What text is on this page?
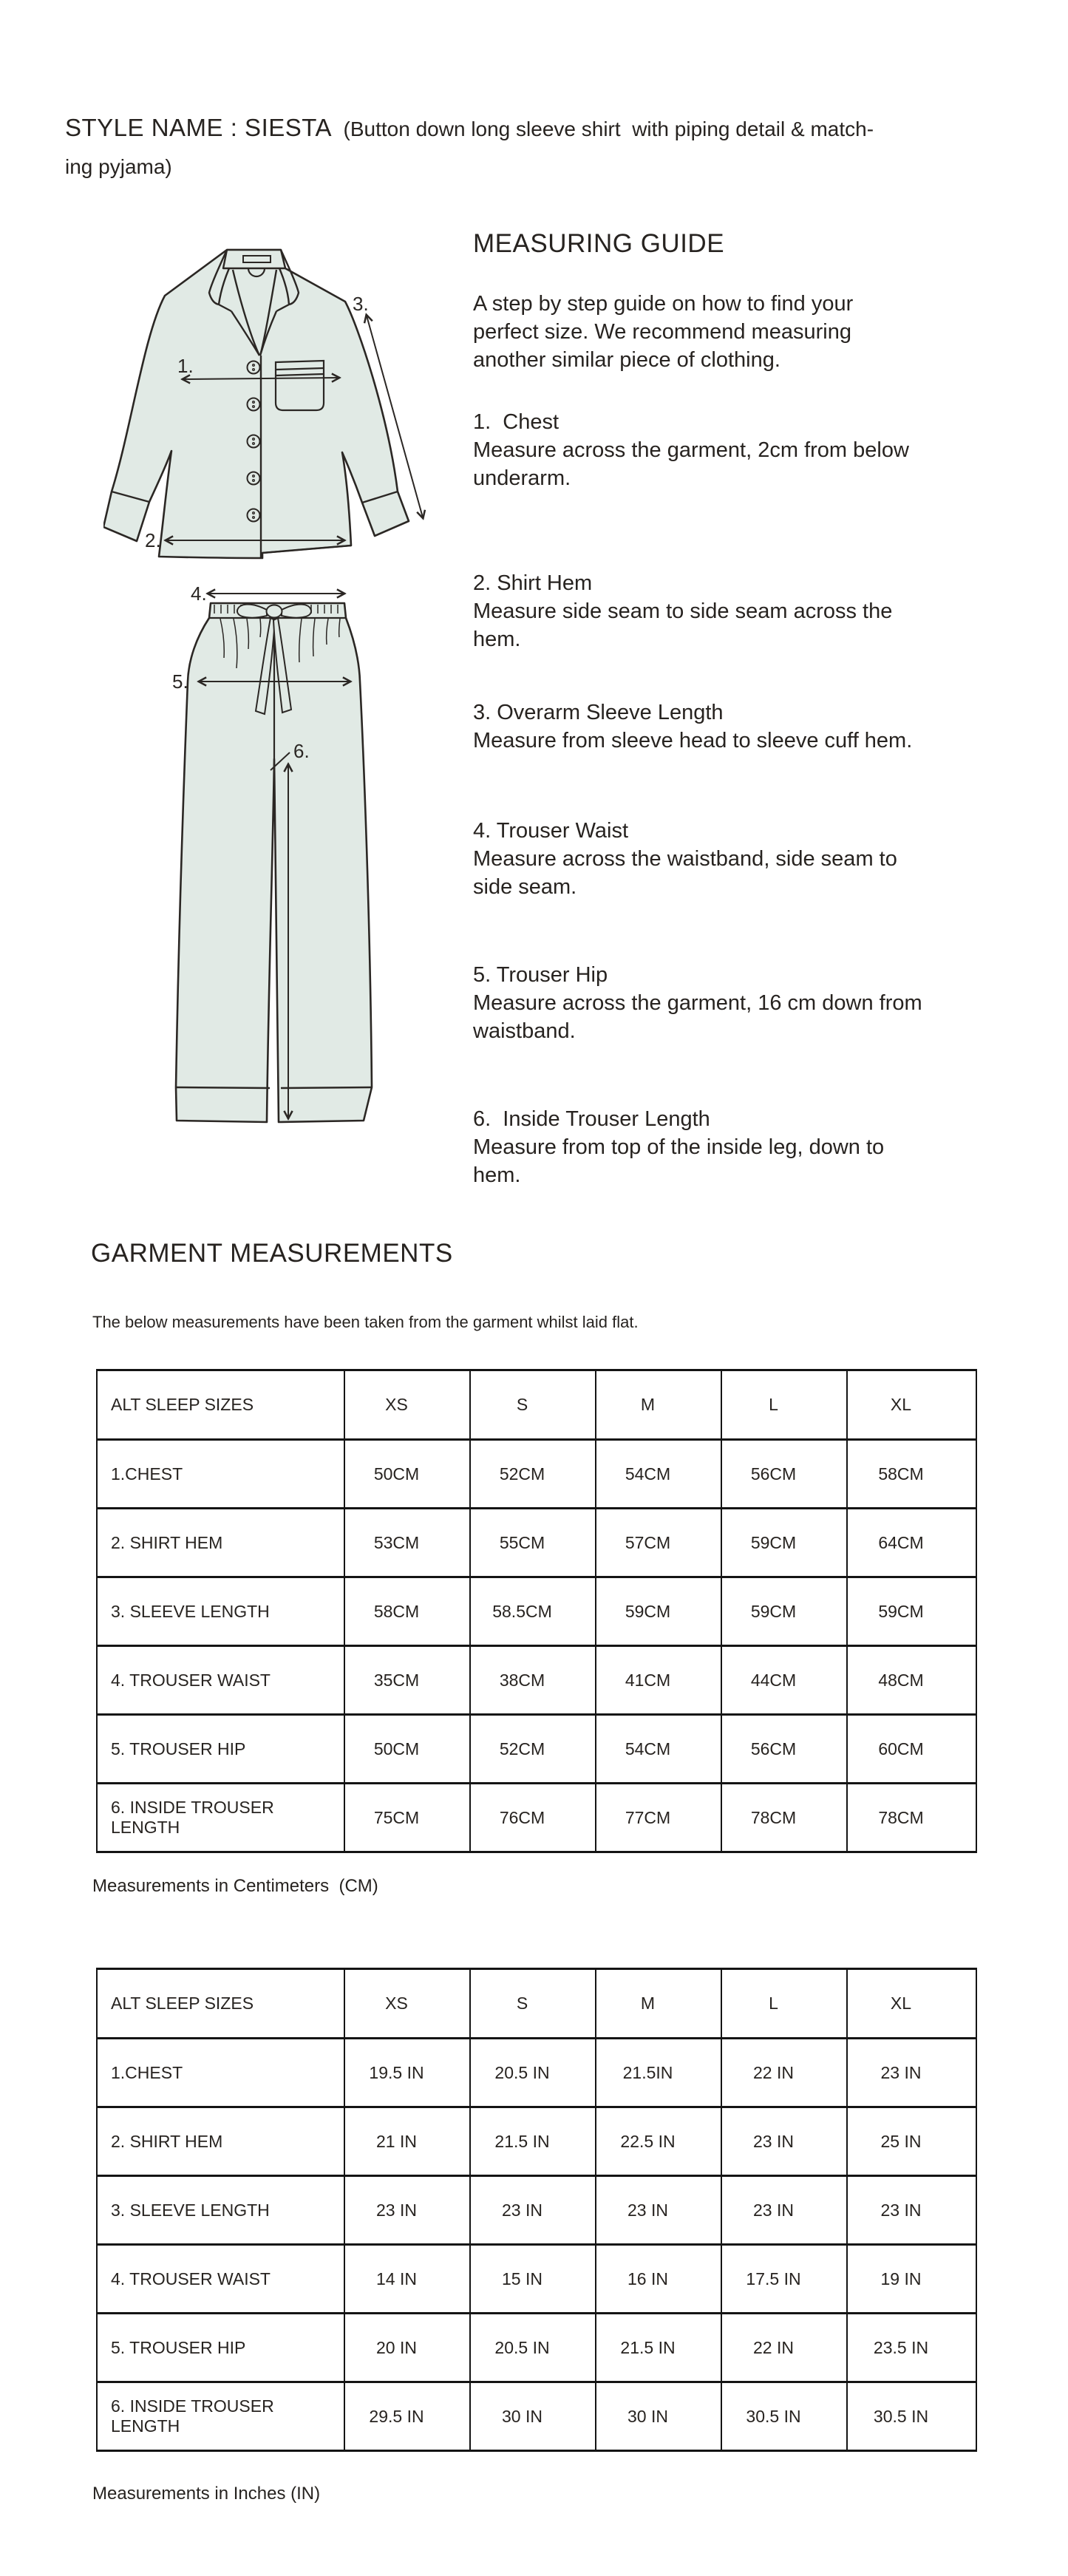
STYLE NAME : SIESTA  (Button down long sleeve shirt  with piping detail & match-
ing pyjama)
1.
2.
3.
4.
5.
6.
MEASURING GUIDE
A step by step guide on how to find your
perfect size. We recommend measuring
another similar piece of clothing.
1.  Chest
Measure across the garment, 2cm from below
underarm.
2. Shirt Hem
Measure side seam to side seam across the
hem.
3. Overarm Sleeve Length
Measure from sleeve head to sleeve cuff hem.
4. Trouser Waist
Measure across the waistband, side seam to
side seam.
5. Trouser Hip
Measure across the garment, 16 cm down from
waistband.
6.  Inside Trouser Length
Measure from top of the inside leg, down to
hem.
GARMENT MEASUREMENTS
The below measurements have been taken from the garment whilst laid flat.
ALT SLEEP SIZES	XS	S	M	L	XL
1.CHEST	50CM	52CM	54CM	56CM	58CM
2. SHIRT HEM	53CM	55CM	57CM	59CM	64CM
3. SLEEVE LENGTH	58CM	58.5CM	59CM	59CM	59CM
4. TROUSER WAIST	35CM	38CM	41CM	44CM	48CM
5. TROUSER HIP	50CM	52CM	54CM	56CM	60CM
6. INSIDE TROUSER LENGTH	75CM	76CM	77CM	78CM	78CM
Measurements in Centimeters  (CM)
ALT SLEEP SIZES	XS	S	M	L	XL
1.CHEST	19.5 IN	20.5 IN	21.5IN	22 IN	23 IN
2. SHIRT HEM	21 IN	21.5 IN	22.5 IN	23 IN	25 IN
3. SLEEVE LENGTH	23 IN	23 IN	23 IN	23 IN	23 IN
4. TROUSER WAIST	14 IN	15 IN	16 IN	17.5 IN	19 IN
5. TROUSER HIP	20 IN	20.5 IN	21.5 IN	22 IN	23.5 IN
6. INSIDE TROUSER LENGTH	29.5 IN	30 IN	30 IN	30.5 IN	30.5 IN
Measurements in Inches (IN)
